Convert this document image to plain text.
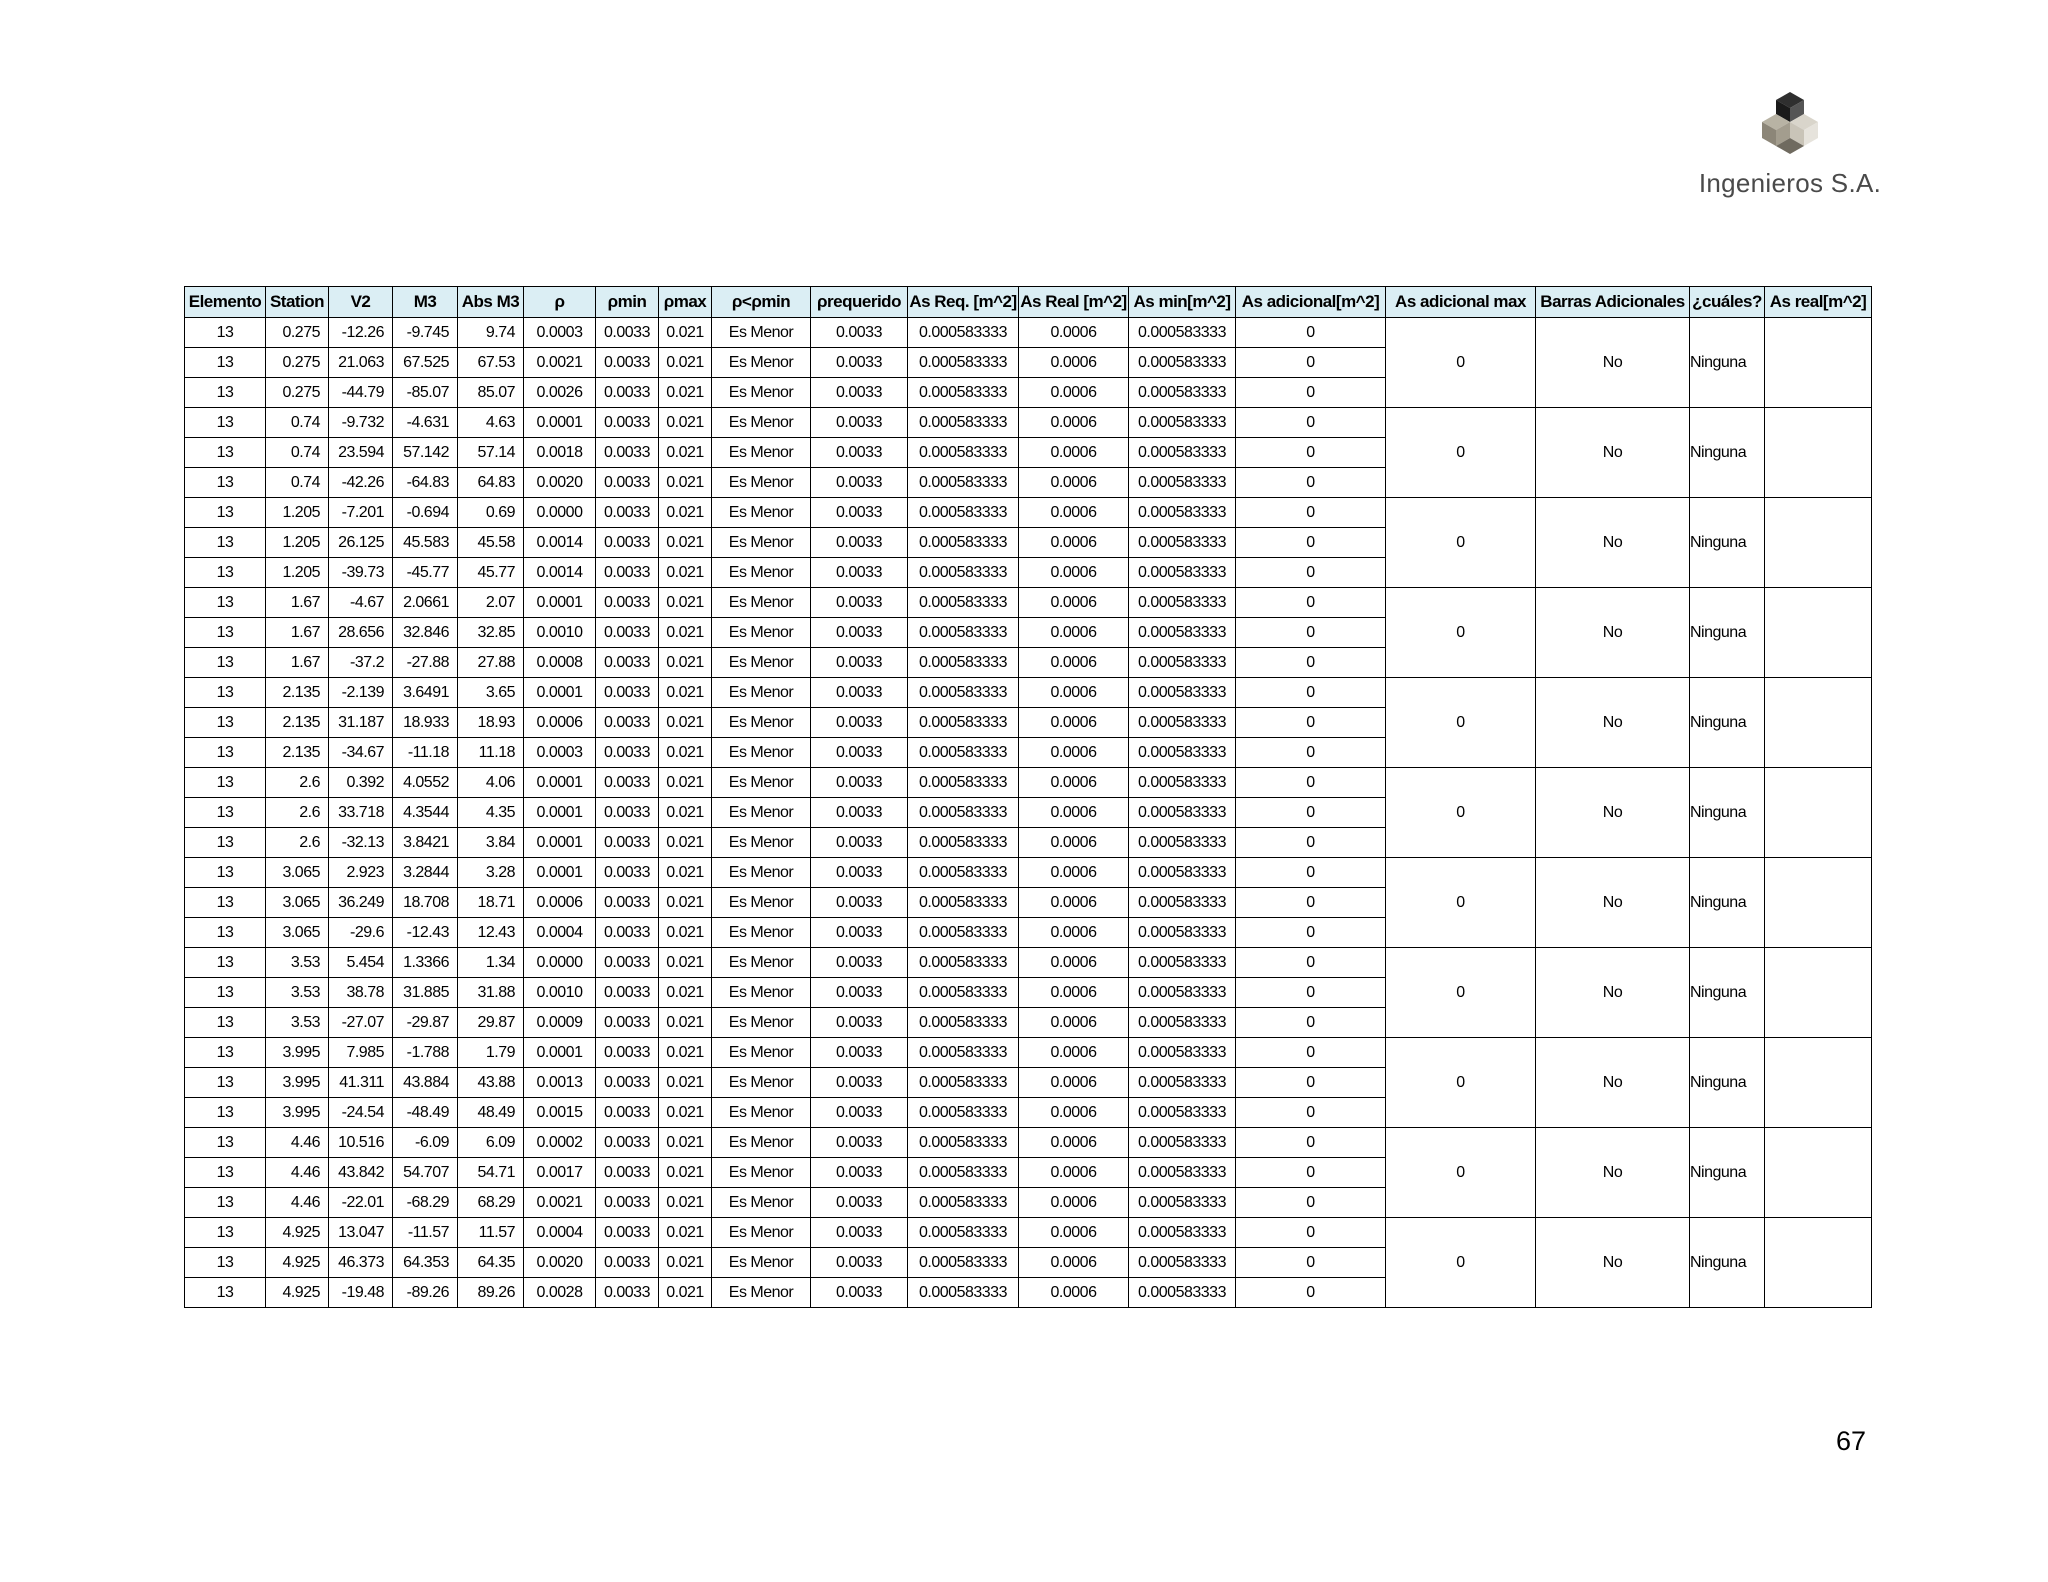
Ingenieros S.A.
Elemento	Station	V2	M3	Abs M3	ρ	ρmin	ρmax	ρ<ρmin	ρrequerido	As Req. [m^2]	As Real [m^2]	As min[m^2]	As adicional[m^2]	As adicional max	Barras Adicionales	¿cuáles?	As real[m^2]
13	0.275	-12.26	-9.745	9.74	0.0003	0.0033	0.021	Es Menor	0.0033	0.000583333	0.0006	0.000583333	0	0	No	Ninguna	
13	0.275	21.063	67.525	67.53	0.0021	0.0033	0.021	Es Menor	0.0033	0.000583333	0.0006	0.000583333	0				
13	0.275	-44.79	-85.07	85.07	0.0026	0.0033	0.021	Es Menor	0.0033	0.000583333	0.0006	0.000583333	0				
13	0.74	-9.732	-4.631	4.63	0.0001	0.0033	0.021	Es Menor	0.0033	0.000583333	0.0006	0.000583333	0	0	No	Ninguna	
13	0.74	23.594	57.142	57.14	0.0018	0.0033	0.021	Es Menor	0.0033	0.000583333	0.0006	0.000583333	0				
13	0.74	-42.26	-64.83	64.83	0.0020	0.0033	0.021	Es Menor	0.0033	0.000583333	0.0006	0.000583333	0				
13	1.205	-7.201	-0.694	0.69	0.0000	0.0033	0.021	Es Menor	0.0033	0.000583333	0.0006	0.000583333	0	0	No	Ninguna	
13	1.205	26.125	45.583	45.58	0.0014	0.0033	0.021	Es Menor	0.0033	0.000583333	0.0006	0.000583333	0				
13	1.205	-39.73	-45.77	45.77	0.0014	0.0033	0.021	Es Menor	0.0033	0.000583333	0.0006	0.000583333	0				
13	1.67	-4.67	2.0661	2.07	0.0001	0.0033	0.021	Es Menor	0.0033	0.000583333	0.0006	0.000583333	0	0	No	Ninguna	
13	1.67	28.656	32.846	32.85	0.0010	0.0033	0.021	Es Menor	0.0033	0.000583333	0.0006	0.000583333	0				
13	1.67	-37.2	-27.88	27.88	0.0008	0.0033	0.021	Es Menor	0.0033	0.000583333	0.0006	0.000583333	0				
13	2.135	-2.139	3.6491	3.65	0.0001	0.0033	0.021	Es Menor	0.0033	0.000583333	0.0006	0.000583333	0	0	No	Ninguna	
13	2.135	31.187	18.933	18.93	0.0006	0.0033	0.021	Es Menor	0.0033	0.000583333	0.0006	0.000583333	0				
13	2.135	-34.67	-11.18	11.18	0.0003	0.0033	0.021	Es Menor	0.0033	0.000583333	0.0006	0.000583333	0				
13	2.6	0.392	4.0552	4.06	0.0001	0.0033	0.021	Es Menor	0.0033	0.000583333	0.0006	0.000583333	0	0	No	Ninguna	
13	2.6	33.718	4.3544	4.35	0.0001	0.0033	0.021	Es Menor	0.0033	0.000583333	0.0006	0.000583333	0				
13	2.6	-32.13	3.8421	3.84	0.0001	0.0033	0.021	Es Menor	0.0033	0.000583333	0.0006	0.000583333	0				
13	3.065	2.923	3.2844	3.28	0.0001	0.0033	0.021	Es Menor	0.0033	0.000583333	0.0006	0.000583333	0	0	No	Ninguna	
13	3.065	36.249	18.708	18.71	0.0006	0.0033	0.021	Es Menor	0.0033	0.000583333	0.0006	0.000583333	0				
13	3.065	-29.6	-12.43	12.43	0.0004	0.0033	0.021	Es Menor	0.0033	0.000583333	0.0006	0.000583333	0				
13	3.53	5.454	1.3366	1.34	0.0000	0.0033	0.021	Es Menor	0.0033	0.000583333	0.0006	0.000583333	0	0	No	Ninguna	
13	3.53	38.78	31.885	31.88	0.0010	0.0033	0.021	Es Menor	0.0033	0.000583333	0.0006	0.000583333	0				
13	3.53	-27.07	-29.87	29.87	0.0009	0.0033	0.021	Es Menor	0.0033	0.000583333	0.0006	0.000583333	0				
13	3.995	7.985	-1.788	1.79	0.0001	0.0033	0.021	Es Menor	0.0033	0.000583333	0.0006	0.000583333	0	0	No	Ninguna	
13	3.995	41.311	43.884	43.88	0.0013	0.0033	0.021	Es Menor	0.0033	0.000583333	0.0006	0.000583333	0				
13	3.995	-24.54	-48.49	48.49	0.0015	0.0033	0.021	Es Menor	0.0033	0.000583333	0.0006	0.000583333	0				
13	4.46	10.516	-6.09	6.09	0.0002	0.0033	0.021	Es Menor	0.0033	0.000583333	0.0006	0.000583333	0	0	No	Ninguna	
13	4.46	43.842	54.707	54.71	0.0017	0.0033	0.021	Es Menor	0.0033	0.000583333	0.0006	0.000583333	0				
13	4.46	-22.01	-68.29	68.29	0.0021	0.0033	0.021	Es Menor	0.0033	0.000583333	0.0006	0.000583333	0				
13	4.925	13.047	-11.57	11.57	0.0004	0.0033	0.021	Es Menor	0.0033	0.000583333	0.0006	0.000583333	0	0	No	Ninguna	
13	4.925	46.373	64.353	64.35	0.0020	0.0033	0.021	Es Menor	0.0033	0.000583333	0.0006	0.000583333	0				
13	4.925	-19.48	-89.26	89.26	0.0028	0.0033	0.021	Es Menor	0.0033	0.000583333	0.0006	0.000583333	0				
67
